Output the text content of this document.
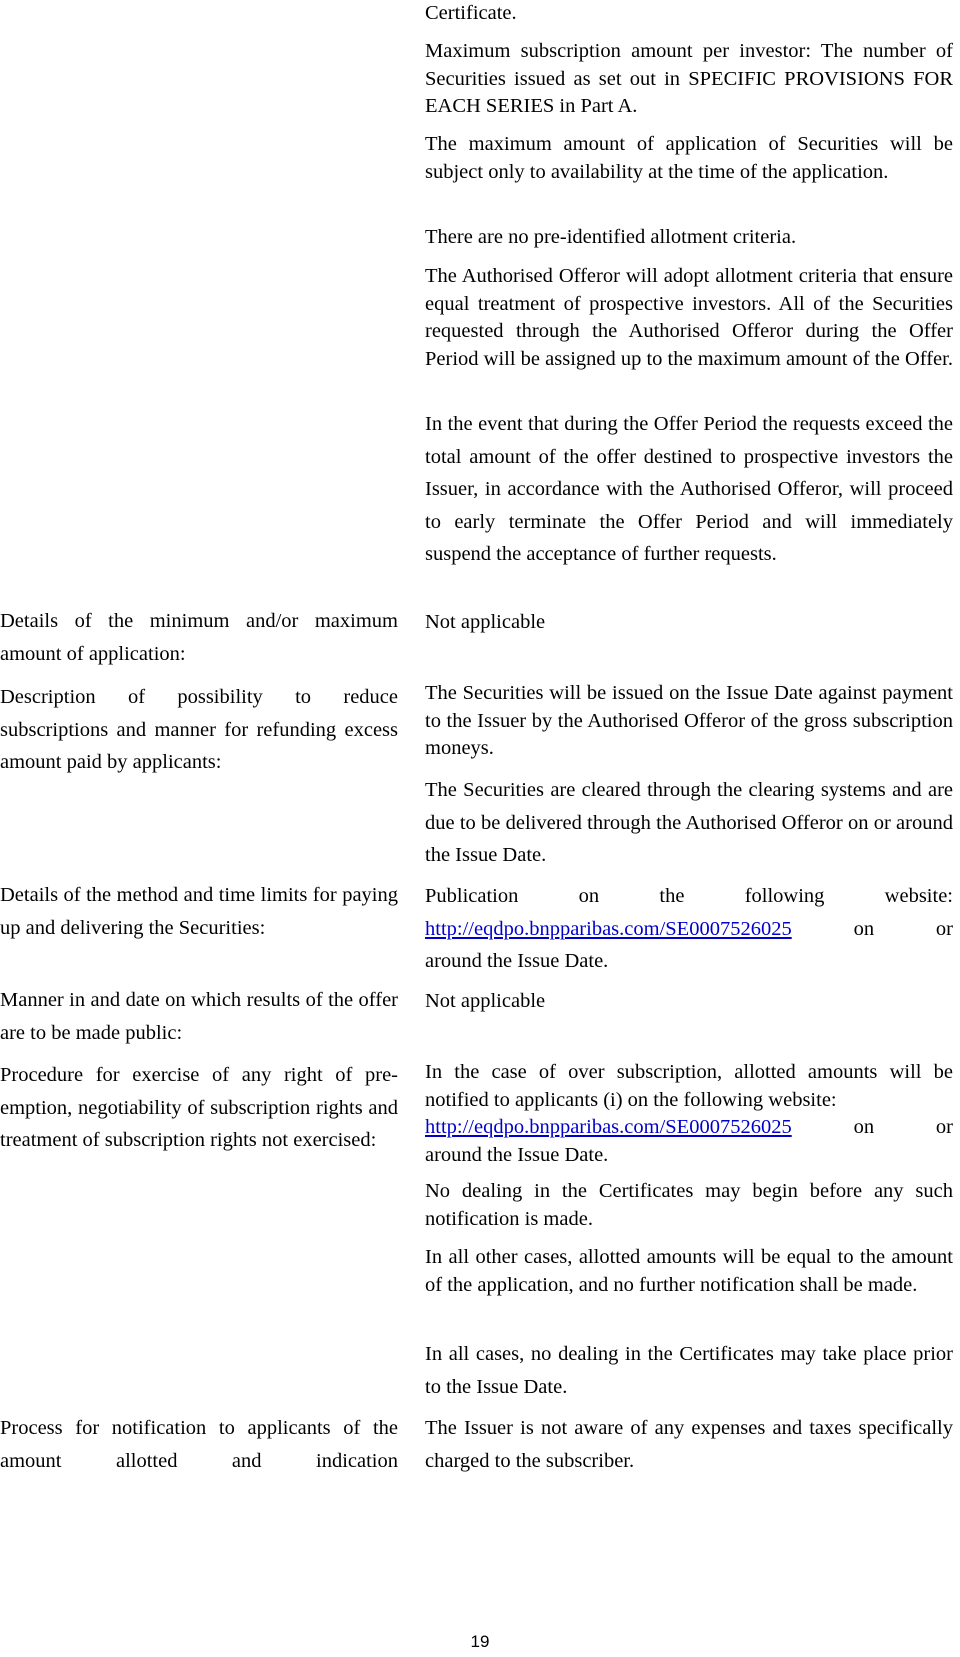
Certificate.

Maximum subscription amount per investor: The number of Securities issued as set out in SPECIFIC PROVISIONS FOR EACH SERIES in Part A.

The maximum amount of application of Securities will be subject only to availability at the time of the application.

There are no pre-identified allotment criteria.

The Authorised Offeror will adopt allotment criteria that ensure equal treatment of prospective investors. All of the Securities requested through the Authorised Offeror during the Offer Period will be assigned up to the maximum amount of the Offer.

In the event that during the Offer Period the requests exceed the total amount of the offer destined to prospective investors the Issuer, in accordance with the Authorised Offeror, will proceed to early terminate the Offer Period and will immediately suspend the acceptance of further requests.

Not applicable

The Securities will be issued on the Issue Date against payment to the Issuer by the Authorised Offeror of the gross subscription moneys.

The Securities are cleared through the clearing systems and are due to be delivered through the Authorised Offeror on or around the Issue Date.

Publication on the following website:
http://eqdpo.bnpparibas.com/SE0007526025	on or
around the Issue Date.

Not applicable

In the case of over subscription, allotted amounts will be notified to applicants (i) on the following website:
http://eqdpo.bnpparibas.com/SE0007526025	on or
around the Issue Date.

No dealing in the Certificates may begin before any such notification is made.

In all other cases, allotted amounts will be equal to the amount of the application, and no further notification shall be made.

In all cases, no dealing in the Certificates may take place prior to the Issue Date.

The Issuer is not aware of any expenses and taxes specifically charged to the subscriber.

Details of the minimum and/or maximum amount of application:

Description of possibility to reduce subscriptions and manner for refunding excess amount paid by applicants:

Details of the method and time limits for paying up and delivering the Securities:

Manner in and date on which results of the offer are to be made public:

Procedure for exercise of any right of pre-emption, negotiability of subscription rights and treatment of subscription rights not exercised:

Process for notification to applicants of the amount allotted and indication

19
